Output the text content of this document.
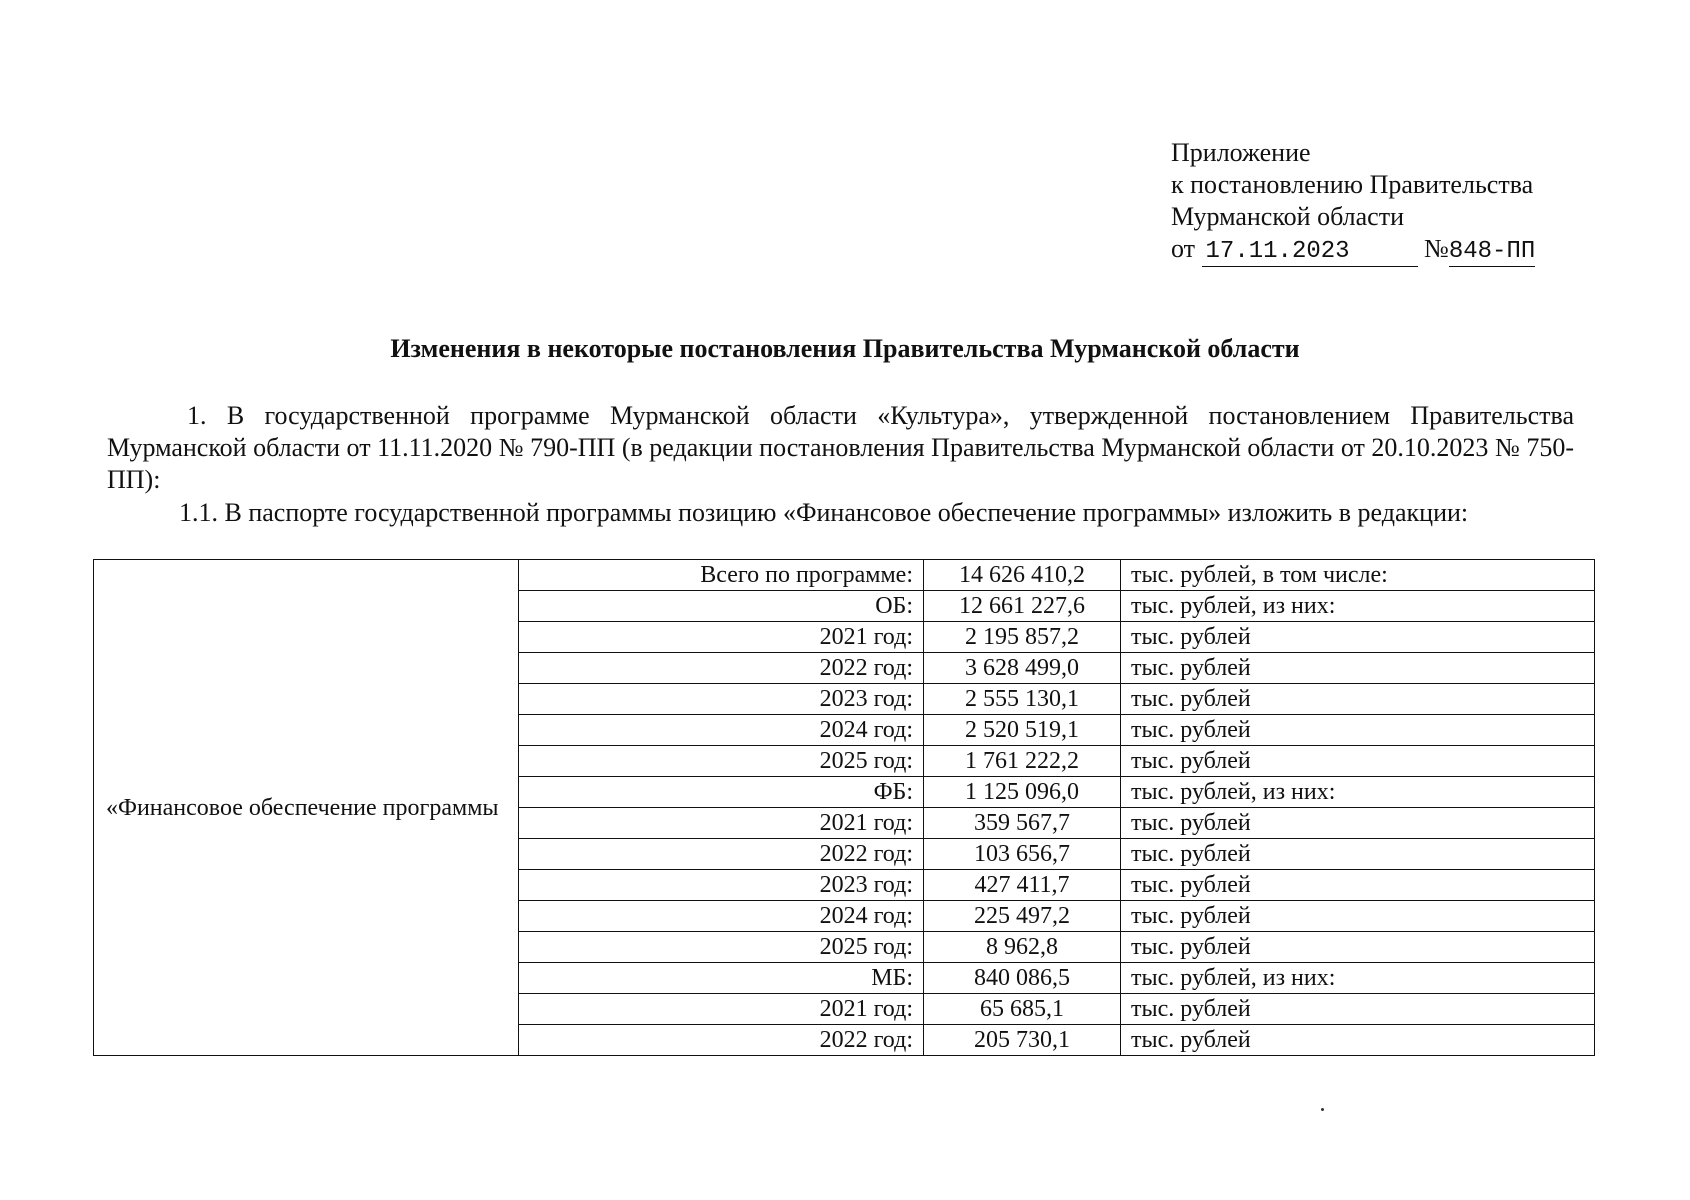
Приложение
к постановлению Правительства
Мурманской области
от 17.11.2023	№848-ПП
Изменения в некоторые постановления Правительства Мурманской области
1. В государственной программе Мурманской области «Культура», утвержденной постановлением Правительства Мурманской области от 11.11.2020 № 790-ПП (в редакции постановления Правительства Мурманской области от 20.10.2023 № 750-ПП):
1.1. В паспорте государственной программы позицию «Финансовое обеспечение программы» изложить в редакции:
«Финансовое обеспечение программы	Всего по программе:	14 626 410,2	тыс. рублей, в том числе:
	ОБ:	12 661 227,6	тыс. рублей, из них:
	2021 год:	2 195 857,2	тыс. рублей
	2022 год:	3 628 499,0	тыс. рублей
	2023 год:	2 555 130,1	тыс. рублей
	2024 год:	2 520 519,1	тыс. рублей
	2025 год:	1 761 222,2	тыс. рублей
	ФБ:	1 125 096,0	тыс. рублей, из них:
	2021 год:	359 567,7	тыс. рублей
	2022 год:	103 656,7	тыс. рублей
	2023 год:	427 411,7	тыс. рублей
	2024 год:	225 497,2	тыс. рублей
	2025 год:	8 962,8	тыс. рублей
	МБ:	840 086,5	тыс. рублей, из них:
	2021 год:	65 685,1	тыс. рублей
	2022 год:	205 730,1	тыс. рублей
